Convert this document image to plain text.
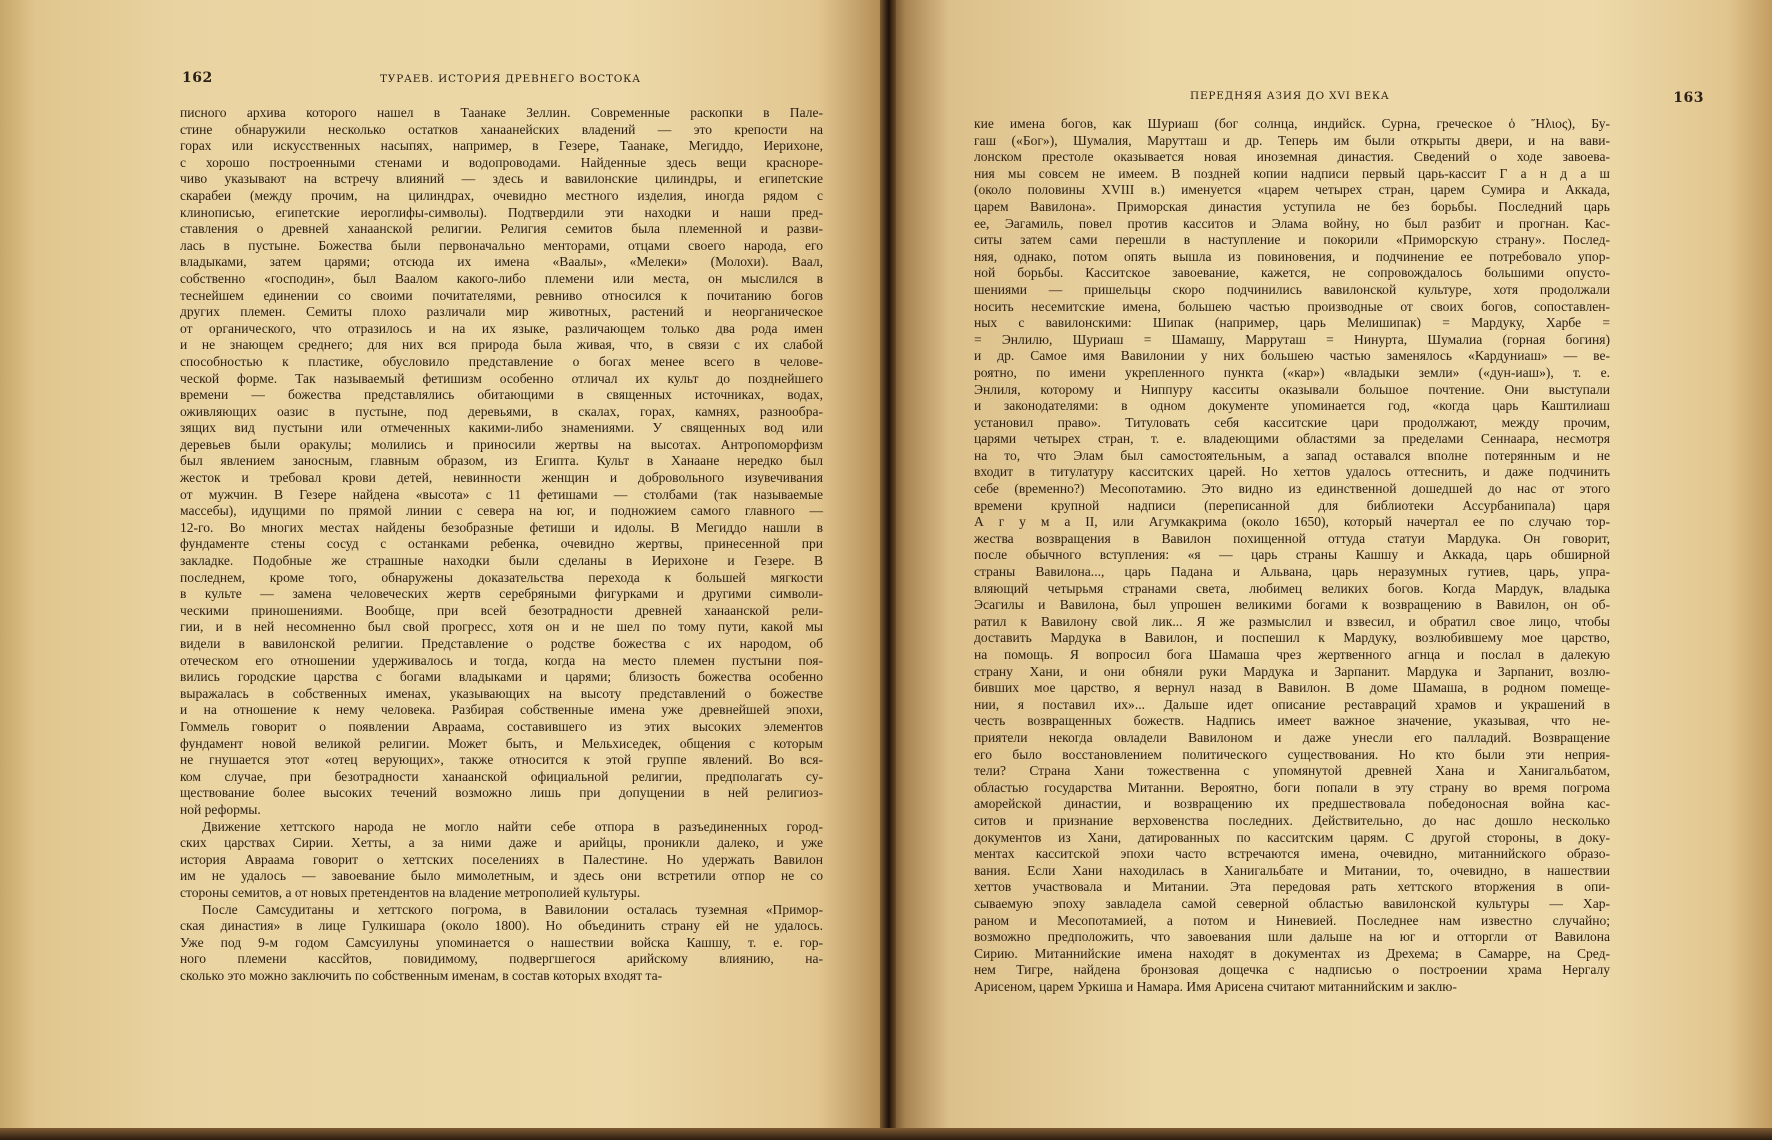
162	ТУРАЕВ. ИСТОРИЯ ДРЕВНЕГО ВОСТОКА
писного архива которого нашел в Таанаке Зеллин. Современные раскопки в Пале-
стине обнаружили несколько остатков ханаанейских владений — это крепости на
горах или искусственных насыпях, например, в Гезере, Таанаке, Мегиддо, Иерихоне,
с хорошо построенными стенами и водопроводами. Найденные здесь вещи красноре-
чиво указывают на встречу влияний — здесь и вавилонские цилиндры, и египетские
скарабеи (между прочим, на цилиндрах, очевидно местного изделия, иногда рядом с
клинописью, египетские иероглифы-символы). Подтвердили эти находки и наши пред-
ставления о древней ханаанской религии. Религия семитов была племенной и разви-
лась в пустыне. Божества были первоначально менторами, отцами своего народа, его
владыками, затем царями; отсюда их имена «Ваалы», «Мелеки» (Молохи). Ваал,
собственно «господин», был Ваалом какого-либо племени или места, он мыслился в
теснейшем единении со своими почитателями, ревниво относился к почитанию богов
других племен. Семиты плохо различали мир животных, растений и неорганическое
от органического, что отразилось и на их языке, различающем только два рода имен
и не знающем среднего; для них вся природа была живая, что, в связи с их слабой
способностью к пластике, обусловило представление о богах менее всего в челове-
ческой форме. Так называемый фетишизм особенно отличал их культ до позднейшего
времени — божества представлялись обитающими в священных источниках, водах,
оживляющих оазис в пустыне, под деревьями, в скалах, горах, камнях, разнообра-
зящих вид пустыни или отмеченных какими-либо знамениями. У священных вод или
деревьев были оракулы; молились и приносили жертвы на высотах. Антропоморфизм
был явлением заносным, главным образом, из Египта. Культ в Ханаане нередко был
жесток и требовал крови детей, невинности женщин и добровольного изувечивания
от мужчин. В Гезере найдена «высота» с 11 фетишами — столбами (так называемые
массебы), идущими по прямой линии с севера на юг, и подножием самого главного —
12-го. Во многих местах найдены безобразные фетиши и идолы. В Мегиддо нашли в
фундаменте стены сосуд с останками ребенка, очевидно жертвы, принесенной при
закладке. Подобные же страшные находки были сделаны в Иерихоне и Гезере. В
последнем, кроме того, обнаружены доказательства перехода к большей мягкости
в культе — замена человеческих жертв серебряными фигурками и другими символи-
ческими приношениями. Вообще, при всей безотрадности древней ханаанской рели-
гии, и в ней несомненно был свой прогресс, хотя он и не шел по тому пути, какой мы
видели в вавилонской религии. Представление о родстве божества с их народом, об
отеческом его отношении удерживалось и тогда, когда на место племен пустыни поя-
вились городские царства с богами владыками и царями; близость божества особенно
выражалась в собственных именах, указывающих на высоту представлений о божестве
и на отношение к нему человека. Разбирая собственные имена уже древнейшей эпохи,
Гоммель говорит о появлении Авраама, составившего из этих высоких элементов
фундамент новой великой религии. Может быть, и Мельхиседек, общения с которым
не гнушается этот «отец верующих», также относится к этой группе явлений. Во вся-
ком случае, при безотрадности ханаанской официальной религии, предполагать су-
ществование более высоких течений возможно лишь при допущении в ней религиоз-
ной реформы.
Движение хеттского народа не могло найти себе отпора в разъединенных город-
ских царствах Сирии. Хетты, а за ними даже и арийцы, проникли далеко, и уже
история Авраама говорит о хеттских поселениях в Палестине. Но удержать Вавилон
им не удалось — завоевание было мимолетным, и здесь они встретили отпор не со
стороны семитов, а от новых претендентов на владение метрополией культуры.
После Самсудитаны и хеттского погрома, в Вавилонии осталась туземная «Примор-
ская династия» в лице Гулкишара (около 1800). Но объединить страну ей не удалось.
Уже под 9-м годом Самсуилуны упоминается о нашествии войска Кашшу, т. е. гор-
ного племени кассйтов, повидимому, подвергшегося арийскому влиянию, на-
сколько это можно заключить по собственным именам, в состав которых входят та-
ПЕРЕДНЯЯ АЗИЯ ДО XVI ВЕКА	163
кие имена богов, как Шуриаш (бог солнца, индийск. Сурна, греческое ὁ Ἥλιος), Бу-
гаш («Бог»), Шумалия, Марутташ и др. Теперь им были открыты двери, и на вави-
лонском престоле оказывается новая иноземная династия. Сведений о ходе завоева-
ния мы совсем не имеем. В поздней копии надписи первый царь-кассит Г а н д а ш
(около половины XVIII в.) именуется «царем четырех стран, царем Сумира и Аккада,
царем Вавилона». Приморская династия уступила не без борьбы. Последний царь
ее, Эагамиль, повел против касситов и Элама войну, но был разбит и прогнан. Кас-
ситы затем сами перешли в наступление и покорили «Приморскую страну». Послед-
няя, однако, потом опять вышла из повиновения, и подчинение ее потребовало упор-
ной борьбы. Касситское завоевание, кажется, не сопровождалось большими опусто-
шениями — пришельцы скоро подчинились вавилонской культуре, хотя продолжали
носить несемитские имена, большею частью производные от своих богов, сопоставлен-
ных с вавилонскими: Шипак (например, царь Мелишипак) = Мардуку, Харбе =
= Энлилю, Шуриаш = Шамашу, Марруташ = Нинурта, Шумалиа (горная богиня)
и др. Самое имя Вавилонии у них большею частью заменялось «Кардуниаш» — ве-
роятно, по имени укрепленного пункта («кар») «владыки земли» («дун-иаш»), т. е.
Энлиля, которому и Ниппуру касситы оказывали большое почтение. Они выступали
и законодателями: в одном документе упоминается год, «когда царь Каштилиаш
установил право». Титуловать себя касситские цари продолжают, между прочим,
царями четырех стран, т. е. владеющими областями за пределами Сеннаара, несмотря
на то, что Элам был самостоятельным, а запад оставался вполне потерянным и не
входит в титулатуру касситских царей. Но хеттов удалось оттеснить, и даже подчинить
себе (временно?) Месопотамию. Это видно из единственной дошедшей до нас от этого
времени крупной надписи (переписанной для библиотеки Ассурбанипала) царя
А г у м а II, или Агумкакрима (около 1650), который начертал ее по случаю тор-
жества возвращения в Вавилон похищенной оттуда статуи Мардука. Он говорит,
после обычного вступления: «я — царь страны Кашшу и Аккада, царь обширной
страны Вавилона..., царь Падана и Альвана, царь неразумных гутиев, царь, упра-
вляющий четырьмя странами света, любимец великих богов. Когда Мардук, владыка
Эсагилы и Вавилона, был упрошен великими богами к возвращению в Вавилон, он об-
ратил к Вавилону свой лик... Я же размыслил и взвесил, и обратил свое лицо, чтобы
доставить Мардука в Вавилон, и поспешил к Мардуку, возлюбившему мое царство,
на помощь. Я вопросил бога Шамаша чрез жертвенного агнца и послал в далекую
страну Хани, и они обняли руки Мардука и Зарпанит. Мардука и Зарпанит, возлю-
бивших мое царство, я вернул назад в Вавилон. В доме Шамаша, в родном помеще-
нии, я поставил их»... Дальше идет описание реставраций храмов и украшений в
честь возвращенных божеств. Надпись имеет важное значение, указывая, что не-
приятели некогда овладели Вавилоном и даже унесли его палладий. Возвращение
его было восстановлением политического существования. Но кто были эти неприя-
тели? Страна Хани тожественна с упомянутой древней Хана и Ханигальбатом,
областью государства Митанни. Вероятно, боги попали в эту страну во время погрома
аморейской династии, и возвращению их предшествовала победоносная война кас-
ситов и признание верховенства последних. Действительно, до нас дошло несколько
документов из Хани, датированных по касситским царям. С другой стороны, в доку-
ментах касситской эпохи часто встречаются имена, очевидно, митаннийского образо-
вания. Если Хани находилась в Ханигальбате и Митании, то, очевидно, в нашествии
хеттов участвовала и Митании. Эта передовая рать хеттского вторжения в опи-
сываемую эпоху завладела самой северной областью вавилонской культуры — Хар-
раном и Месопотамией, а потом и Ниневией. Последнее нам известно случайно;
возможно предположить, что завоевания шли дальше на юг и отторгли от Вавилона
Сирию. Митаннийские имена находят в документах из Дрехема; в Самарре, на Сред-
нем Тигре, найдена бронзовая дощечка с надписью о построении храма Нергалу
Арисеном, царем Уркиша и Намара. Имя Арисена считают митаннийским и заклю-
